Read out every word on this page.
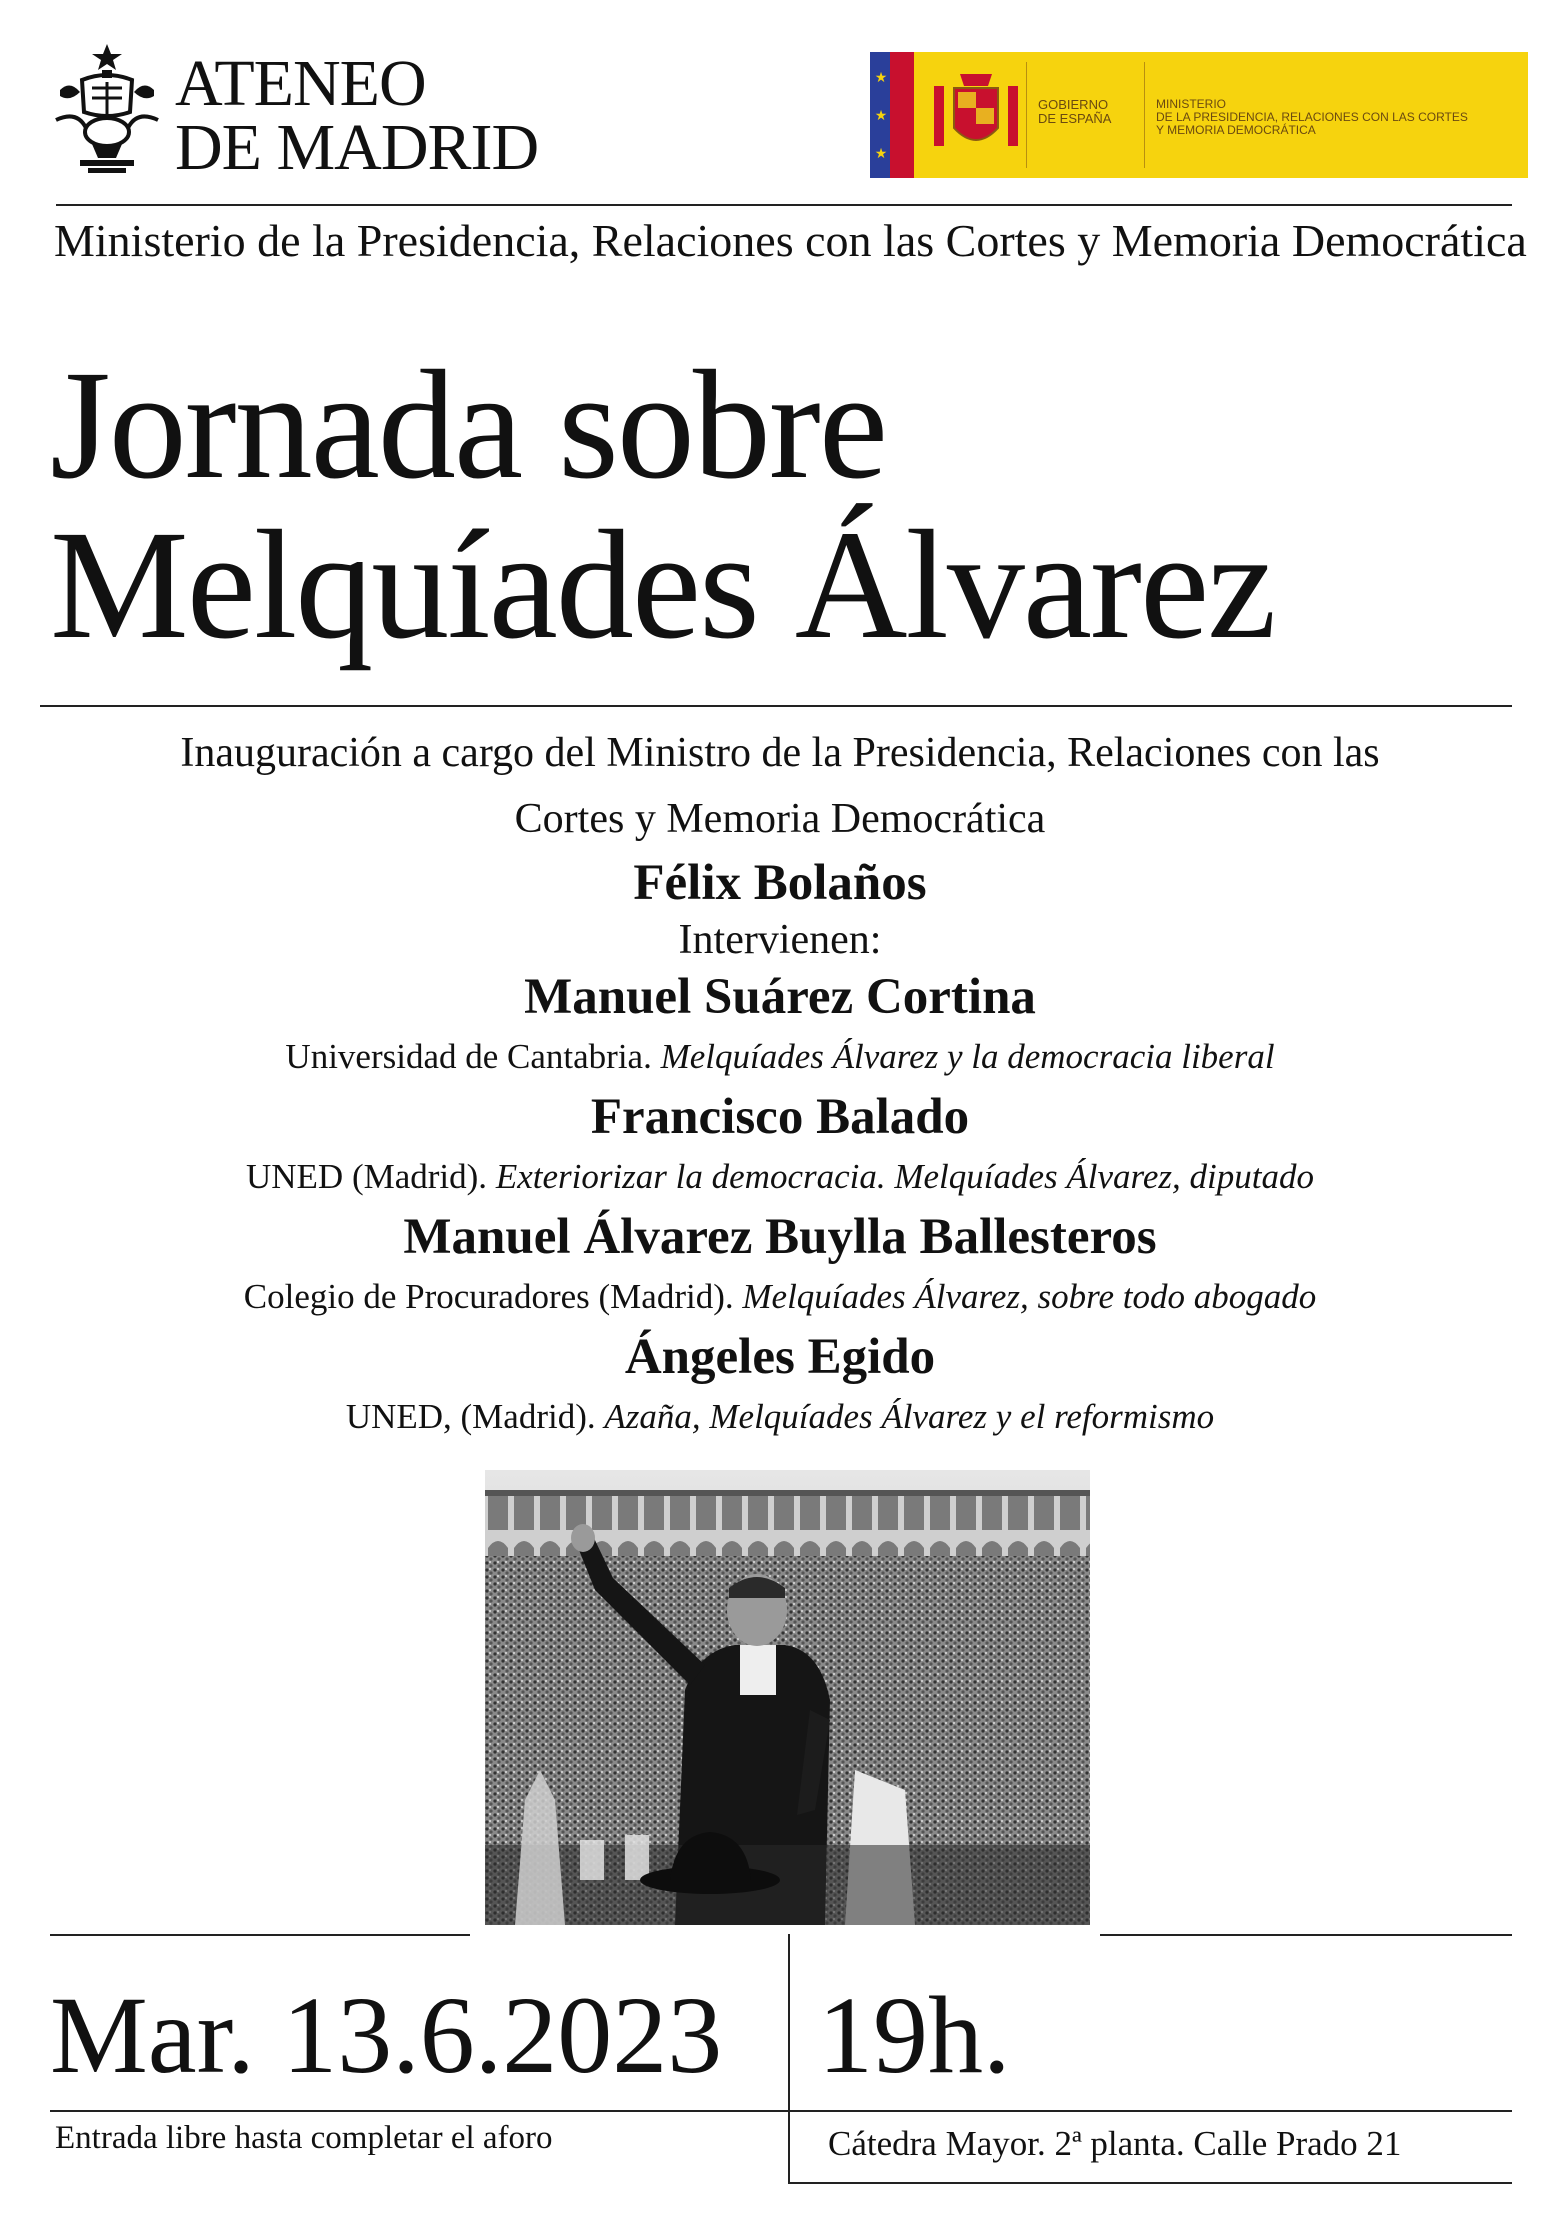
ATENEO
DE MADRID
★
★
★
GOBIERNO
DE ESPAÑA
MINISTERIO
DE LA PRESIDENCIA, RELACIONES CON LAS CORTES
Y MEMORIA DEMOCRÁTICA
Ministerio de la Presidencia, Relaciones con las Cortes y Memoria Democrática
Jornada sobre
Melquíades Álvarez
Inauguración a cargo del Ministro de la Presidencia, Relaciones con las
Cortes y Memoria Democrática
Félix Bolaños
Intervienen:
Manuel Suárez Cortina
Universidad de Cantabria. Melquíades Álvarez y la democracia liberal
Francisco Balado
UNED (Madrid). Exteriorizar la democracia. Melquíades Álvarez, diputado
Manuel Álvarez Buylla Ballesteros
Colegio de Procuradores (Madrid). Melquíades Álvarez, sobre todo abogado
Ángeles Egido
UNED, (Madrid). Azaña, Melquíades Álvarez y el reformismo
Mar. 13.6.2023 19h.
Entrada libre hasta completar el aforo	Cátedra Mayor. 2ª planta. Calle Prado 21
